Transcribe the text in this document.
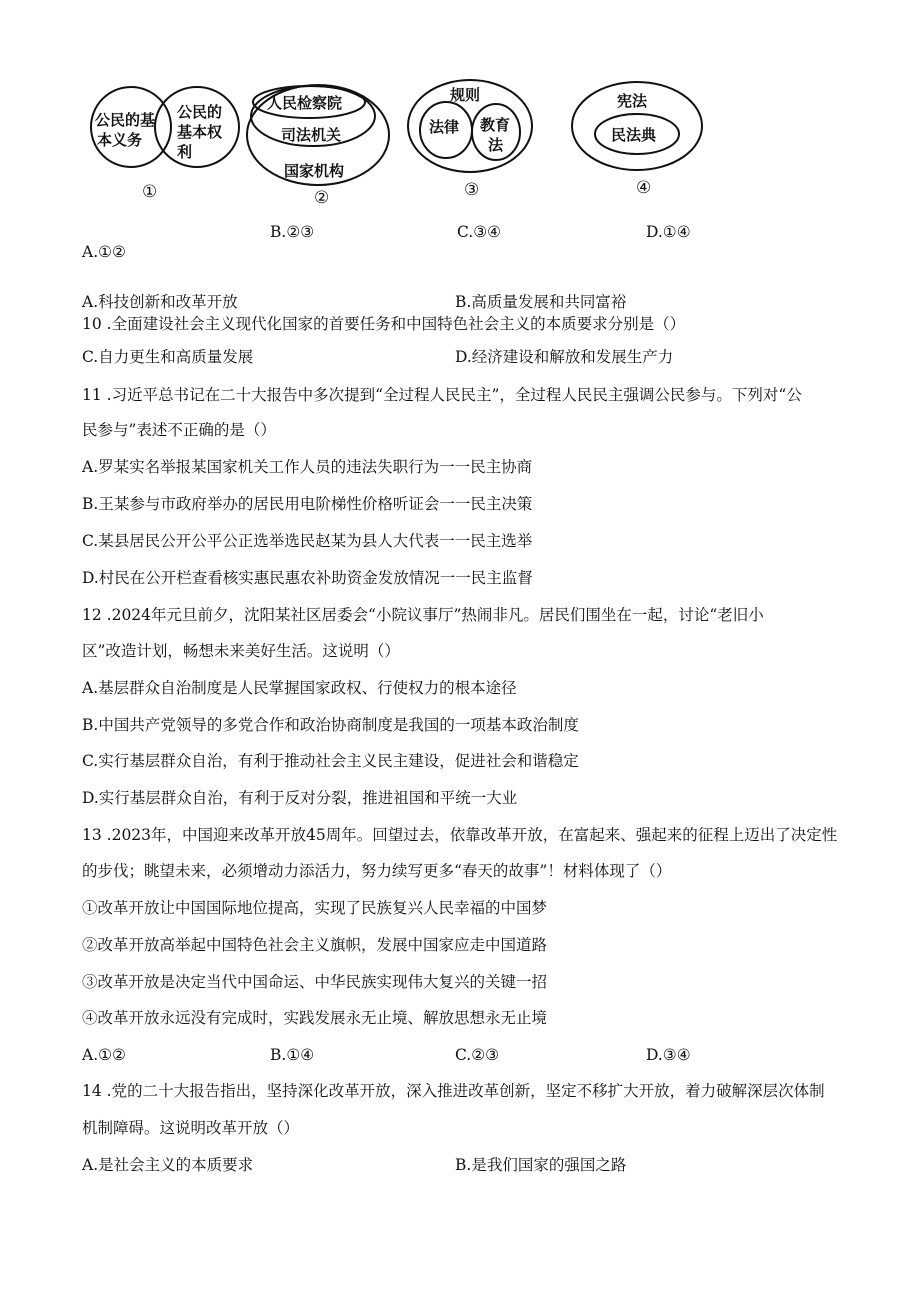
公民的基
本义务
公民的
基本权
利
①
人民检察院
司法机关
国家机构
②
规则
法律 教育
法
③
宪法
民法典
④
B.②③	C.③④	D.①④
A.①②
A.科技创新和改革开放	B.高质量发展和共同富裕
10 .全面建设社会主义现代化国家的首要任务和中国特色社会主义的本质要求分别是（）
C.自力更生和高质量发展	D.经济建设和解放和发展生产力
11 .习近平总书记在二十大报告中多次提到“全过程人民民主”，全过程人民民主强调公民参与。下列对“公
民参与”表述不正确的是（）
A.罗某实名举报某国家机关工作人员的违法失职行为一一民主协商
B.王某参与市政府举办的居民用电阶梯性价格听证会一一民主决策
C.某县居民公开公平公正选举选民赵某为县人大代表一一民主选举
D.村民在公开栏查看核实惠民惠农补助资金发放情况一一民主监督
12 .2024年元旦前夕，沈阳某社区居委会“小院议事厅”热闹非凡。居民们围坐在一起，讨论“老旧小
区”改造计划，畅想未来美好生活。这说明（）
A.基层群众自治制度是人民掌握国家政权、行使权力的根本途径
B.中国共产党领导的多党合作和政治协商制度是我国的一项基本政治制度
C.实行基层群众自治，有利于推动社会主义民主建设，促进社会和谐稳定
D.实行基层群众自治，有利于反对分裂，推进祖国和平统一大业
13 .2023年，中国迎来改革开放45周年。回望过去，依靠改革开放，在富起来、强起来的征程上迈出了决定性
的步伐；眺望未来，必须增动力添活力，努力续写更多“春天的故事”！材料体现了（）
①改革开放让中国国际地位提高，实现了民族复兴人民幸福的中国梦
②改革开放高举起中国特色社会主义旗帜，发展中国家应走中国道路
③改革开放是决定当代中国命运、中华民族实现伟大复兴的关键一招
④改革开放永远没有完成时，实践发展永无止境、解放思想永无止境
A.①②	B.①④	C.②③	D.③④
14 .党的二十大报告指出，坚持深化改革开放，深入推进改革创新，坚定不移扩大开放，着力破解深层次体制
机制障碍。这说明改革开放（）
A.是社会主义的本质要求	B.是我们国家的强国之路
